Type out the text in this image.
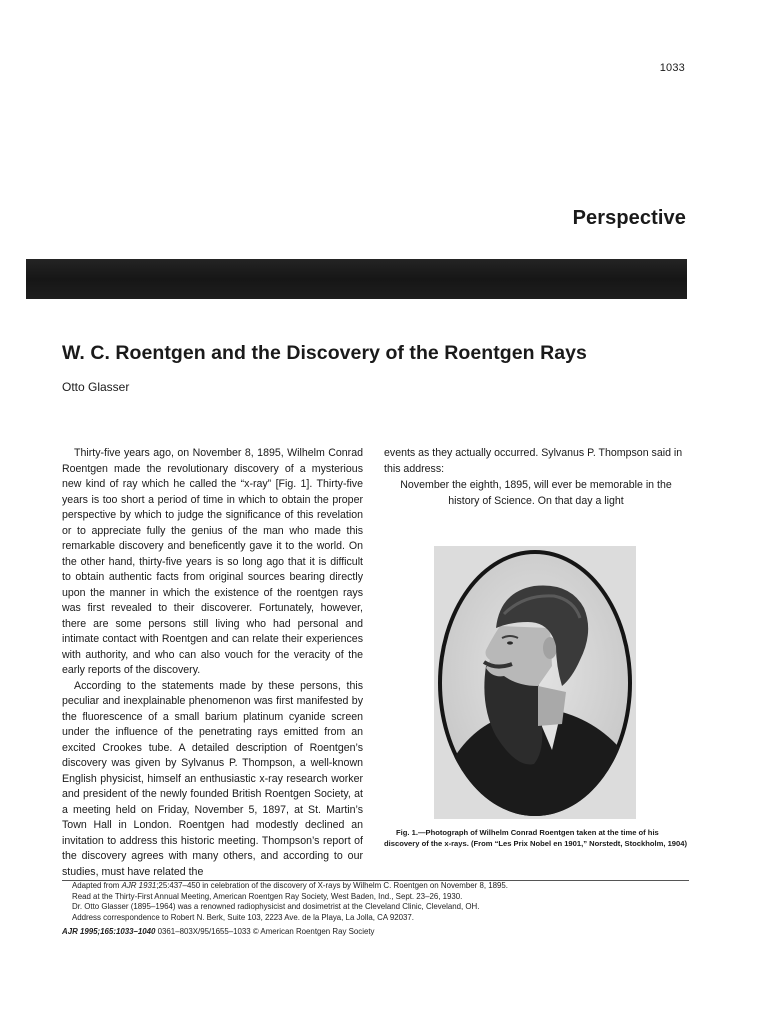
1033
Perspective
W. C. Roentgen and the Discovery of the Roentgen Rays
Otto Glasser

Thirty-five years ago, on November 8, 1895, Wilhelm Conrad Roentgen made the revolutionary discovery of a mysterious new kind of ray which he called the “x-ray” [Fig. 1]. Thirty-five years is too short a period of time in which to obtain the proper perspective by which to judge the significance of this revelation or to appreciate fully the genius of the man who made this remarkable discovery and beneficently gave it to the world. On the other hand, thirty-five years is so long ago that it is difficult to obtain authentic facts from original sources bearing directly upon the manner in which the existence of the roentgen rays was first revealed to their discoverer. Fortunately, however, there are some persons still living who had personal and intimate contact with Roentgen and can relate their experiences with authority, and who can also vouch for the veracity of the early reports of the discovery.

According to the statements made by these persons, this peculiar and inexplainable phenomenon was first manifested by the fluorescence of a small barium platinum cyanide screen under the influence of the penetrating rays emitted from an excited Crookes tube. A detailed description of Roentgen’s discovery was given by Sylvanus P. Thompson, a well-known English physicist, himself an enthusiastic x-ray research worker and president of the newly founded British Roentgen Society, at a meeting held on Friday, November 5, 1897, at St. Martin’s Town Hall in London. Roentgen had modestly declined an invitation to address this historic meeting. Thompson’s report of the discovery agrees with many others, and according to our studies, must have related the

events as they actually occurred. Sylvanus P. Thompson said in this address:

November the eighth, 1895, will ever be memorable in the history of Science. On that day a light

Fig. 1.—Photograph of Wilhelm Conrad Roentgen taken at the time of his discovery of the x-rays. (From “Les Prix Nobel en 1901,” Norstedt, Stockholm, 1904)
Adapted from AJR 1931;25:437–450 in celebration of the discovery of X-rays by Wilhelm C. Roentgen on November 8, 1895.
Read at the Thirty-First Annual Meeting, American Roentgen Ray Society, West Baden, Ind., Sept. 23–26, 1930.
Dr. Otto Glasser (1895–1964) was a renowned radiophysicist and dosimetrist at the Cleveland Clinic, Cleveland, OH.
Address correspondence to Robert N. Berk, Suite 103, 2223 Ave. de la Playa, La Jolla, CA 92037.
AJR 1995;165:1033–1040 0361–803X/95/1655–1033 © American Roentgen Ray Society
